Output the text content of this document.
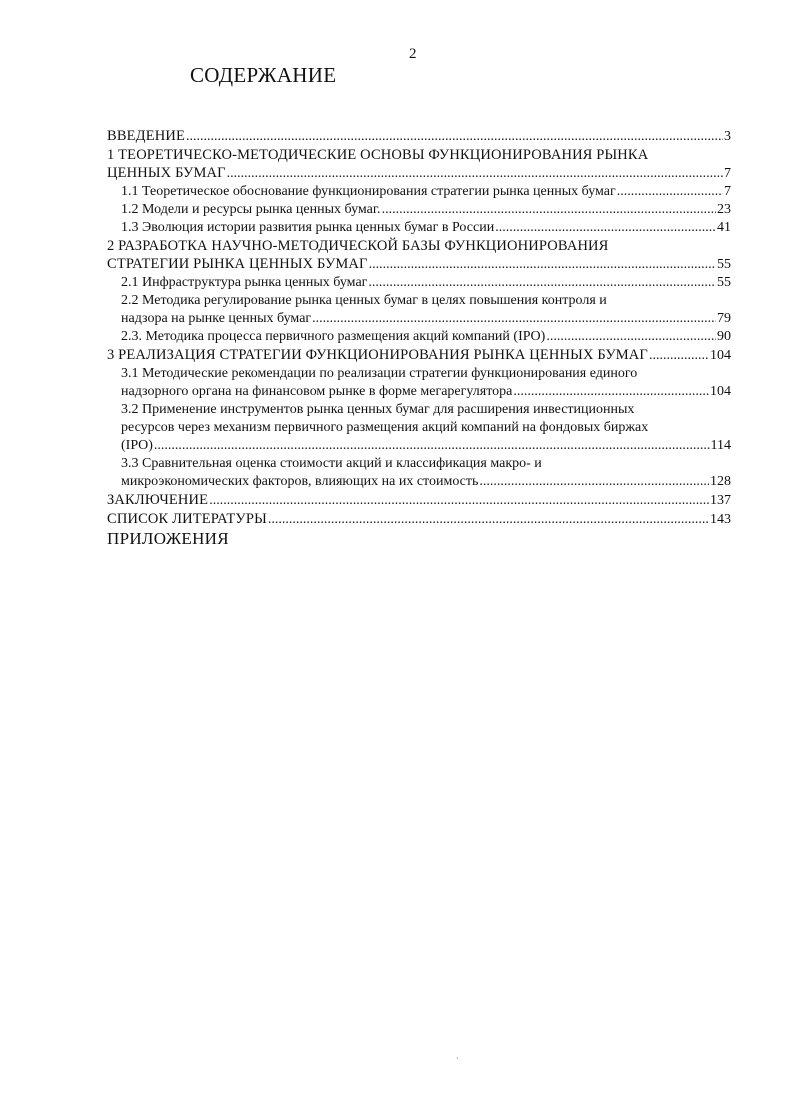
2
СОДЕРЖАНИЕ
ВВЕДЕНИЕ .....	3
1 ТЕОРЕТИЧЕСКО-МЕТОДИЧЕСКИЕ ОСНОВЫ ФУНКЦИОНИРОВАНИЯ РЫНКА
ЦЕННЫХ БУМАГ .....	7
1.1 Теоретическое обоснование функционирования стратегии рынка ценных бумаг .....	7
1.2 Модели и ресурсы рынка ценных бумаг. .....	23
1.3 Эволюция истории развития рынка ценных бумаг в России .....	41
2 РАЗРАБОТКА НАУЧНО-МЕТОДИЧЕСКОЙ БАЗЫ ФУНКЦИОНИРОВАНИЯ
СТРАТЕГИИ РЫНКА ЦЕННЫХ БУМАГ .....	55
2.1 Инфраструктура рынка ценных бумаг .....	55
2.2 Методика регулирование рынка ценных бумаг в целях повышения контроля и
надзора на рынке ценных бумаг .....	79
2.3. Методика процесса первичного размещения акций компаний (IPO) .....	90
3 РЕАЛИЗАЦИЯ СТРАТЕГИИ ФУНКЦИОНИРОВАНИЯ РЫНКА ЦЕННЫХ БУМАГ .....	104
3.1 Методические рекомендации по реализации стратегии функционирования единого
надзорного органа на финансовом рынке в форме мегарегулятора .....	104
3.2 Применение инструментов рынка ценных бумаг для расширения инвестиционных
ресурсов через механизм первичного размещения акций компаний на фондовых биржах
(IPO) .....	114
3.3 Сравнительная оценка стоимости акций и классификация макро- и
микроэкономических факторов, влияющих на их стоимость .....	128
ЗАКЛЮЧЕНИЕ .....	137
СПИСОК ЛИТЕРАТУРЫ .....	143
ПРИЛОЖЕНИЯ
·
